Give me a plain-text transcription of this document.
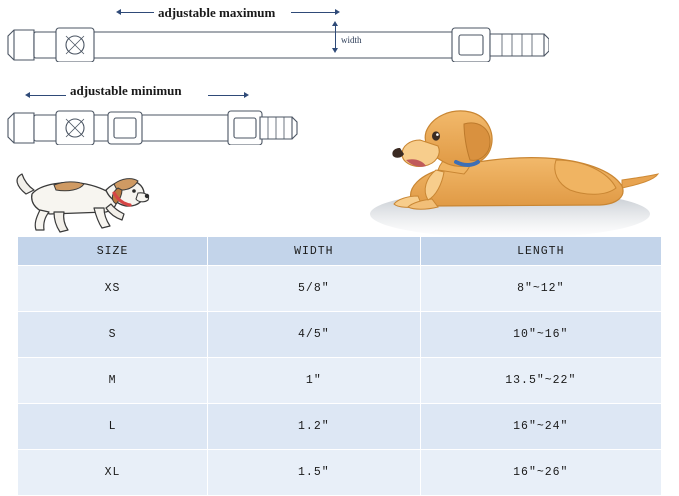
adjustable maximum
width
adjustable minimun
SIZE	WIDTH	LENGTH
XS	5/8"	8"~12"
S	4/5"	10"~16"
M	1"	13.5"~22"
L	1.2"	16"~24"
XL	1.5"	16"~26"
